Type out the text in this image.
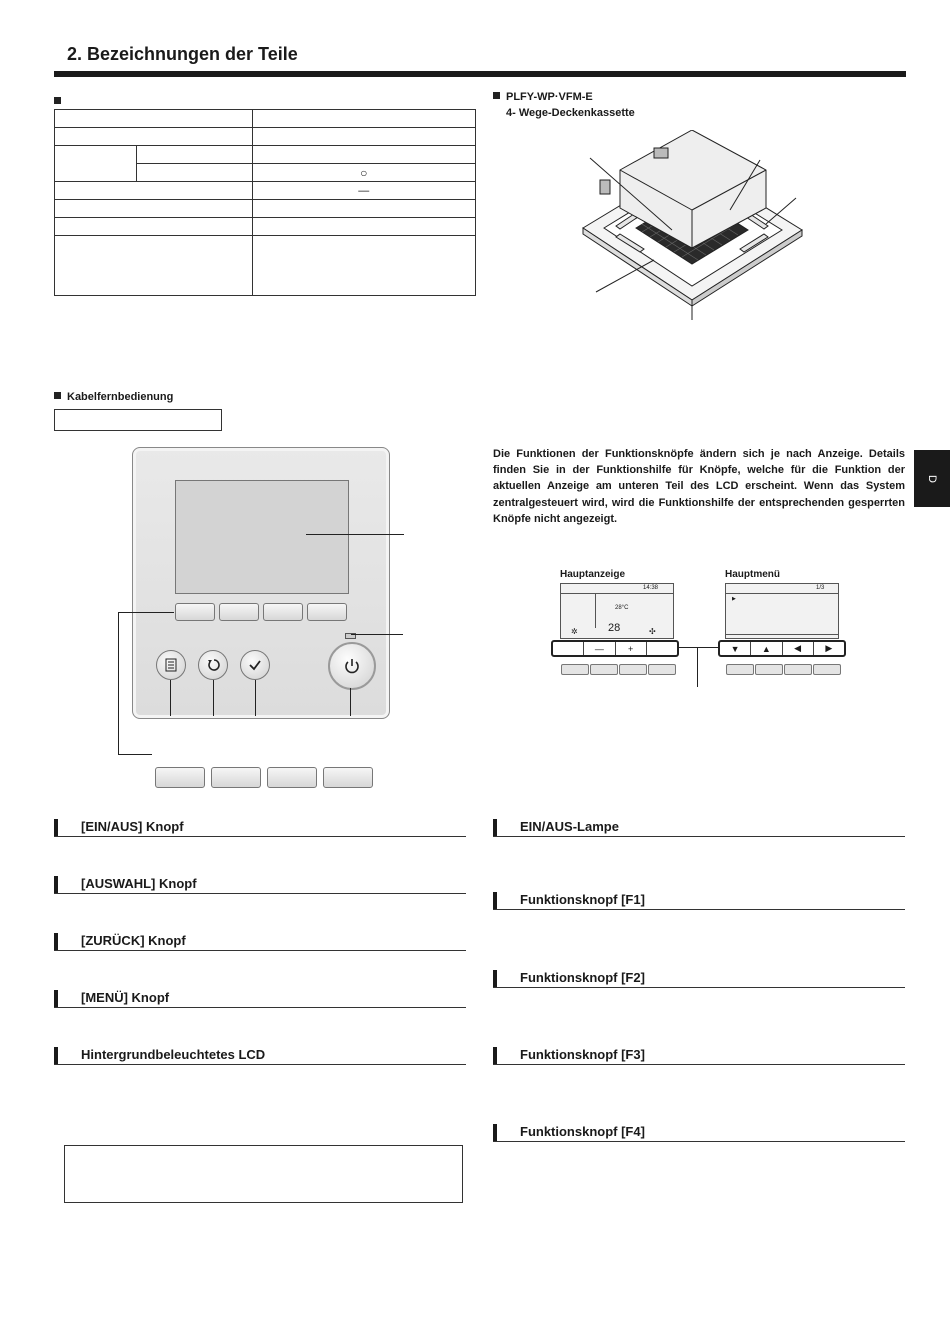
2. Bezeichnungen der Teile

		○
		—

PLFY-WP·VFM-E
4- Wege-Deckenkassette
Kabelfernbedienung
D
Die Funktionen der Funktionsknöpfe ändern sich je nach Anzeige. Details finden Sie in der Funktionshilfe für Knöpfe, welche für die Funktion der aktuellen Anzeige am unteren Teil des LCD erscheint. Wenn das System zentralgesteuert wird, wird die Funktionshilfe der entsprechenden gesperrten Knöpfe nicht angezeigt.
Hauptanzeige	Hauptmenü
14:38
28°C
28
✲	✣
—	+
1/3
▶
▼	▲	◀	▶
[EIN/AUS] Knopf
[AUSWAHL] Knopf
[ZURÜCK] Knopf
[MENÜ] Knopf
Hintergrundbeleuchtetes LCD
EIN/AUS-Lampe
Funktionsknopf [F1]
Funktionsknopf [F2]
Funktionsknopf [F3]
Funktionsknopf [F4]
